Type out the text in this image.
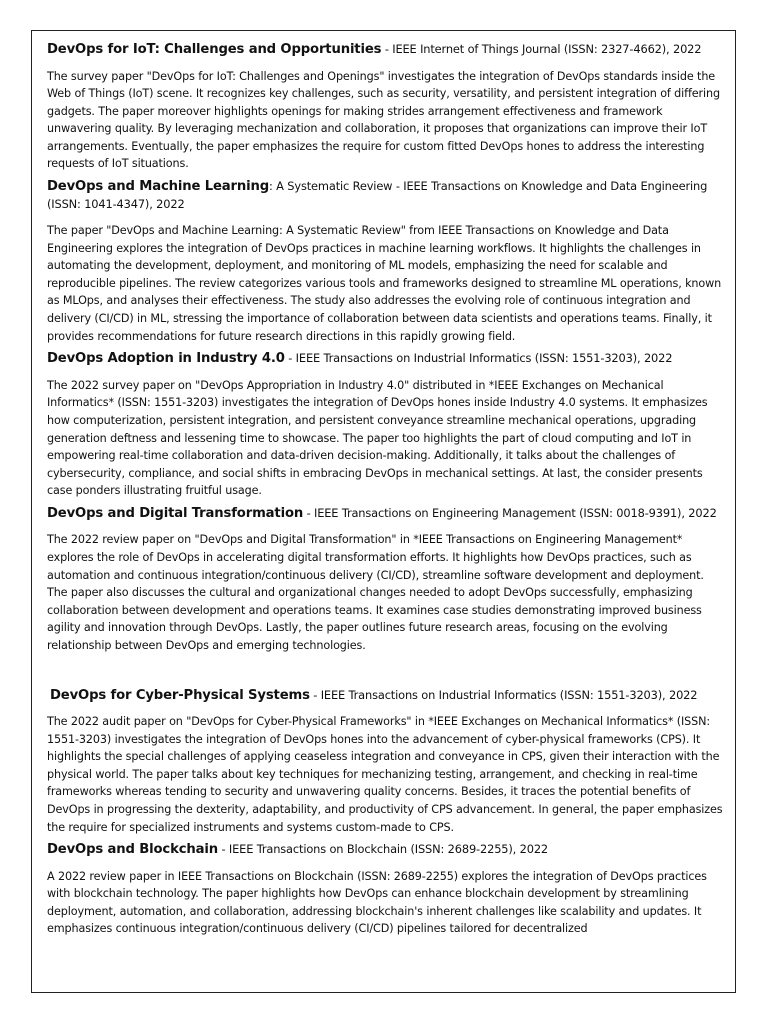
DevOps for IoT: Challenges and Opportunities - IEEE Internet of Things Journal (ISSN: 2327-4662), 2022

The survey paper "DevOps for IoT: Challenges and Openings" investigates the integration of DevOps standards inside the Web of Things (IoT) scene. It recognizes key challenges, such as security, versatility, and persistent integration of differing gadgets. The paper moreover highlights openings for making strides arrangement effectiveness and framework unwavering quality. By leveraging mechanization and collaboration, it proposes that organizations can improve their IoT arrangements. Eventually, the paper emphasizes the require for custom fitted DevOps hones to address the interesting requests of IoT situations.

DevOps and Machine Learning: A Systematic Review - IEEE Transactions on Knowledge and Data Engineering (ISSN: 1041-4347), 2022

The paper "DevOps and Machine Learning: A Systematic Review" from IEEE Transactions on Knowledge and Data Engineering explores the integration of DevOps practices in machine learning workflows. It highlights the challenges in automating the development, deployment, and monitoring of ML models, emphasizing the need for scalable and reproducible pipelines. The review categorizes various tools and frameworks designed to streamline ML operations, known as MLOps, and analyses their effectiveness. The study also addresses the evolving role of continuous integration and delivery (CI/CD) in ML, stressing the importance of collaboration between data scientists and operations teams. Finally, it provides recommendations for future research directions in this rapidly growing field.

DevOps Adoption in Industry 4.0 - IEEE Transactions on Industrial Informatics (ISSN: 1551-3203), 2022

The 2022 survey paper on "DevOps Appropriation in Industry 4.0" distributed in *IEEE Exchanges on Mechanical Informatics* (ISSN: 1551-3203) investigates the integration of DevOps hones inside Industry 4.0 systems. It emphasizes how computerization, persistent integration, and persistent conveyance streamline mechanical operations, upgrading generation deftness and lessening time to showcase. The paper too highlights the part of cloud computing and IoT in empowering real-time collaboration and data-driven decision-making. Additionally, it talks about the challenges of cybersecurity, compliance, and social shifts in embracing DevOps in mechanical settings. At last, the consider presents case ponders illustrating fruitful usage.

DevOps and Digital Transformation - IEEE Transactions on Engineering Management (ISSN: 0018-9391), 2022

The 2022 review paper on "DevOps and Digital Transformation" in *IEEE Transactions on Engineering Management* explores the role of DevOps in accelerating digital transformation efforts. It highlights how DevOps practices, such as automation and continuous integration/continuous delivery (CI/CD), streamline software development and deployment. The paper also discusses the cultural and organizational changes needed to adopt DevOps successfully, emphasizing collaboration between development and operations teams. It examines case studies demonstrating improved business agility and innovation through DevOps. Lastly, the paper outlines future research areas, focusing on the evolving relationship between DevOps and emerging technologies.

DevOps for Cyber-Physical Systems - IEEE Transactions on Industrial Informatics (ISSN: 1551-3203), 2022

The 2022 audit paper on "DevOps for Cyber-Physical Frameworks" in *IEEE Exchanges on Mechanical Informatics* (ISSN: 1551-3203) investigates the integration of DevOps hones into the advancement of cyber-physical frameworks (CPS). It highlights the special challenges of applying ceaseless integration and conveyance in CPS, given their interaction with the physical world. The paper talks about key techniques for mechanizing testing, arrangement, and checking in real-time frameworks whereas tending to security and unwavering quality concerns. Besides, it traces the potential benefits of DevOps in progressing the dexterity, adaptability, and productivity of CPS advancement. In general, the paper emphasizes the require for specialized instruments and systems custom-made to CPS.

DevOps and Blockchain - IEEE Transactions on Blockchain (ISSN: 2689-2255), 2022

A 2022 review paper in IEEE Transactions on Blockchain (ISSN: 2689-2255) explores the integration of DevOps practices with blockchain technology. The paper highlights how DevOps can enhance blockchain development by streamlining deployment, automation, and collaboration, addressing blockchain's inherent challenges like scalability and updates. It emphasizes continuous integration/continuous delivery (CI/CD) pipelines tailored for decentralized
